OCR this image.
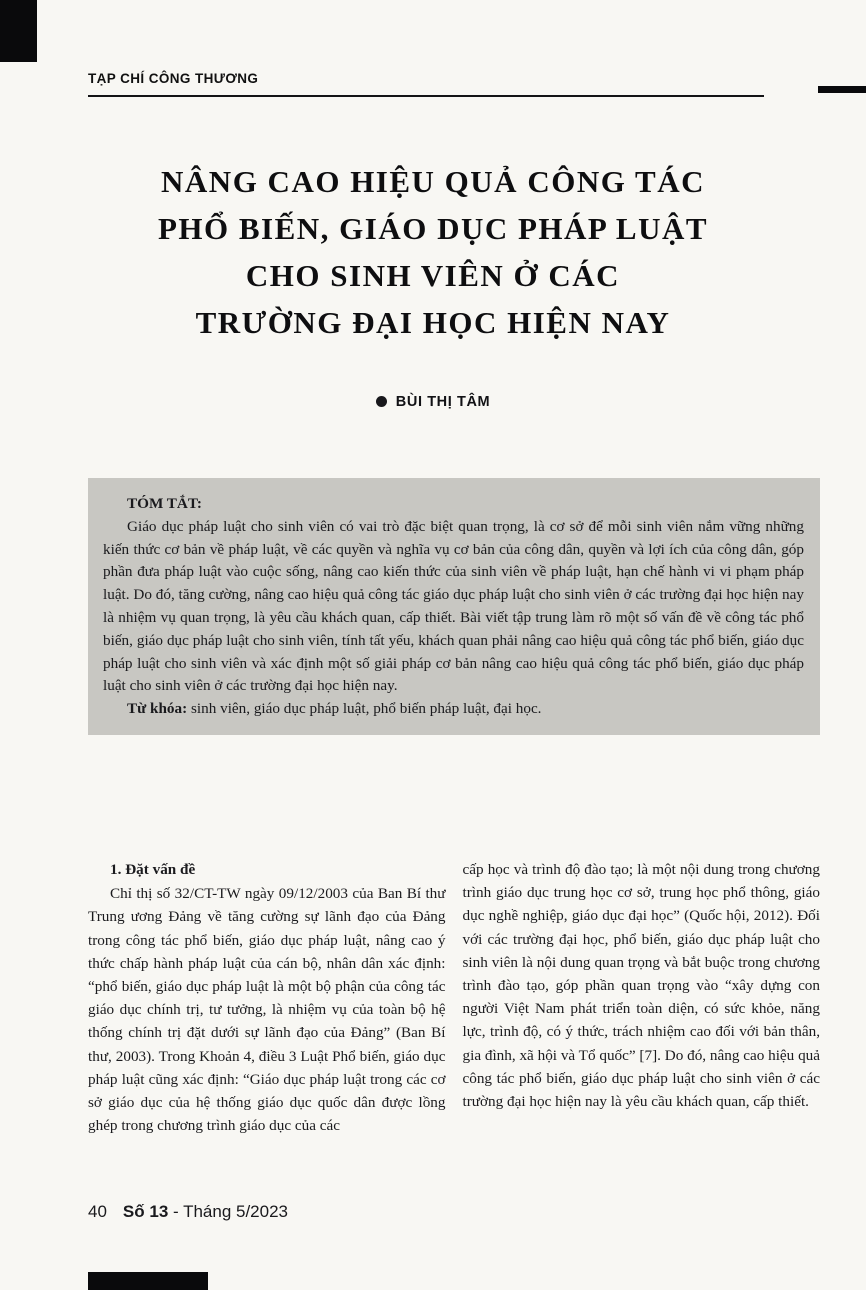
TẠP CHÍ CÔNG THƯƠNG
NÂNG CAO HIỆU QUẢ CÔNG TÁC
PHỔ BIẾN, GIÁO DỤC PHÁP LUẬT
CHO SINH VIÊN Ở CÁC
TRƯỜNG ĐẠI HỌC HIỆN NAY
BÙI THỊ TÂM
TÓM TẮT:

Giáo dục pháp luật cho sinh viên có vai trò đặc biệt quan trọng, là cơ sở để mỗi sinh viên nắm vững những kiến thức cơ bản về pháp luật, về các quyền và nghĩa vụ cơ bản của công dân, quyền và lợi ích của công dân, góp phần đưa pháp luật vào cuộc sống, nâng cao kiến thức của sinh viên về pháp luật, hạn chế hành vi vi phạm pháp luật. Do đó, tăng cường, nâng cao hiệu quả công tác giáo dục pháp luật cho sinh viên ở các trường đại học hiện nay là nhiệm vụ quan trọng, là yêu cầu khách quan, cấp thiết. Bài viết tập trung làm rõ một số vấn đề về công tác phổ biến, giáo dục pháp luật cho sinh viên, tính tất yếu, khách quan phải nâng cao hiệu quả công tác phổ biến, giáo dục pháp luật cho sinh viên và xác định một số giải pháp cơ bản nâng cao hiệu quả công tác phổ biến, giáo dục pháp luật cho sinh viên ở các trường đại học hiện nay.

Từ khóa: sinh viên, giáo dục pháp luật, phổ biến pháp luật, đại học.

1. Đặt vấn đề

Chỉ thị số 32/CT-TW ngày 09/12/2003 của Ban Bí thư Trung ương Đảng về tăng cường sự lãnh đạo của Đảng trong công tác phổ biến, giáo dục pháp luật, nâng cao ý thức chấp hành pháp luật của cán bộ, nhân dân xác định: “phổ biến, giáo dục pháp luật là một bộ phận của công tác giáo dục chính trị, tư tưởng, là nhiệm vụ của toàn bộ hệ thống chính trị đặt dưới sự lãnh đạo của Đảng” (Ban Bí thư, 2003). Trong Khoản 4, điều 3 Luật Phổ biến, giáo dục pháp luật cũng xác định: “Giáo dục pháp luật trong các cơ sở giáo dục của hệ thống giáo dục quốc dân được lồng ghép trong chương trình giáo dục của các

cấp học và trình độ đào tạo; là một nội dung trong chương trình giáo dục trung học cơ sở, trung học phổ thông, giáo dục nghề nghiệp, giáo dục đại học” (Quốc hội, 2012). Đối với các trường đại học, phổ biến, giáo dục pháp luật cho sinh viên là nội dung quan trọng và bắt buộc trong chương trình đào tạo, góp phần quan trọng vào “xây dựng con người Việt Nam phát triển toàn diện, có sức khỏe, năng lực, trình độ, có ý thức, trách nhiệm cao đối với bản thân, gia đình, xã hội và Tổ quốc” [7]. Do đó, nâng cao hiệu quả công tác phổ biến, giáo dục pháp luật cho sinh viên ở các trường đại học hiện nay là yêu cầu khách quan, cấp thiết.

40 Số 13 - Tháng 5/2023
